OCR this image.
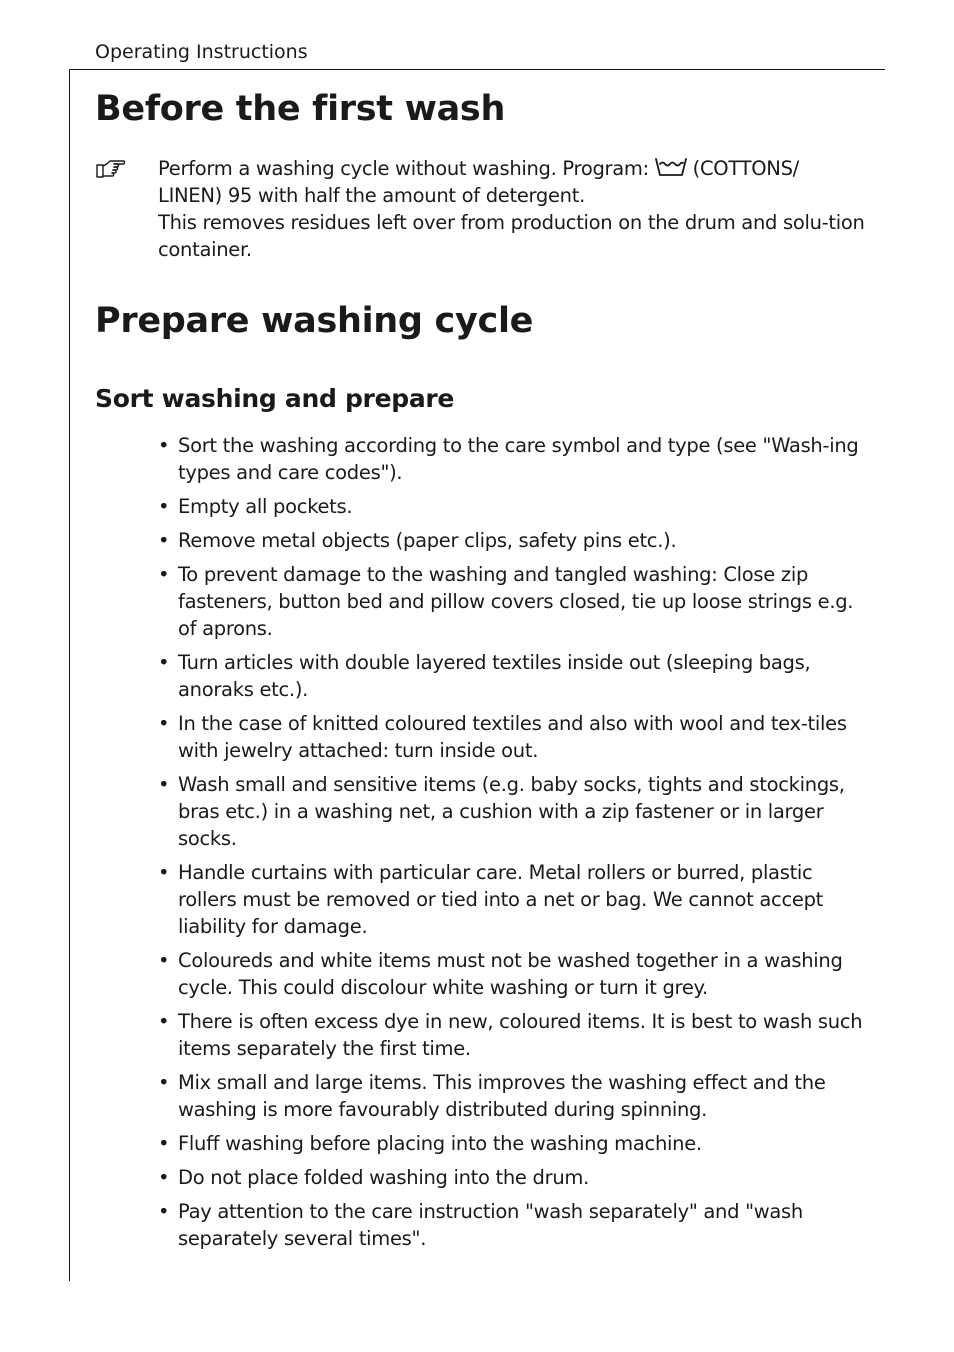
Operating Instructions
Before the first wash
Perform a washing cycle without washing. Program:  (COTTONS/ LINEN) 95 with half the amount of detergent.
This removes residues left over from production on the drum and solu-tion container.
Prepare washing cycle
Sort washing and prepare
• Sort the washing according to the care symbol and type (see "Wash-ing types and care codes").
• Empty all pockets.
• Remove metal objects (paper clips, safety pins etc.).
• To prevent damage to the washing and tangled washing: Close zip fasteners, button bed and pillow covers closed, tie up loose strings e.g. of aprons.
• Turn articles with double layered textiles inside out (sleeping bags, anoraks etc.).
• In the case of knitted coloured textiles and also with wool and tex-tiles with jewelry attached: turn inside out.
• Wash small and sensitive items (e.g. baby socks, tights and stockings, bras etc.) in a washing net, a cushion with a zip fastener or in larger socks.
• Handle curtains with particular care. Metal rollers or burred, plastic rollers must be removed or tied into a net or bag. We cannot accept liability for damage.
• Coloureds and white items must not be washed together in a washing cycle. This could discolour white washing or turn it grey.
• There is often excess dye in new, coloured items. It is best to wash such items separately the first time.
• Mix small and large items. This improves the washing effect and the washing is more favourably distributed during spinning.
• Fluff washing before placing into the washing machine.
• Do not place folded washing into the drum.
• Pay attention to the care instruction "wash separately" and "wash separately several times".
